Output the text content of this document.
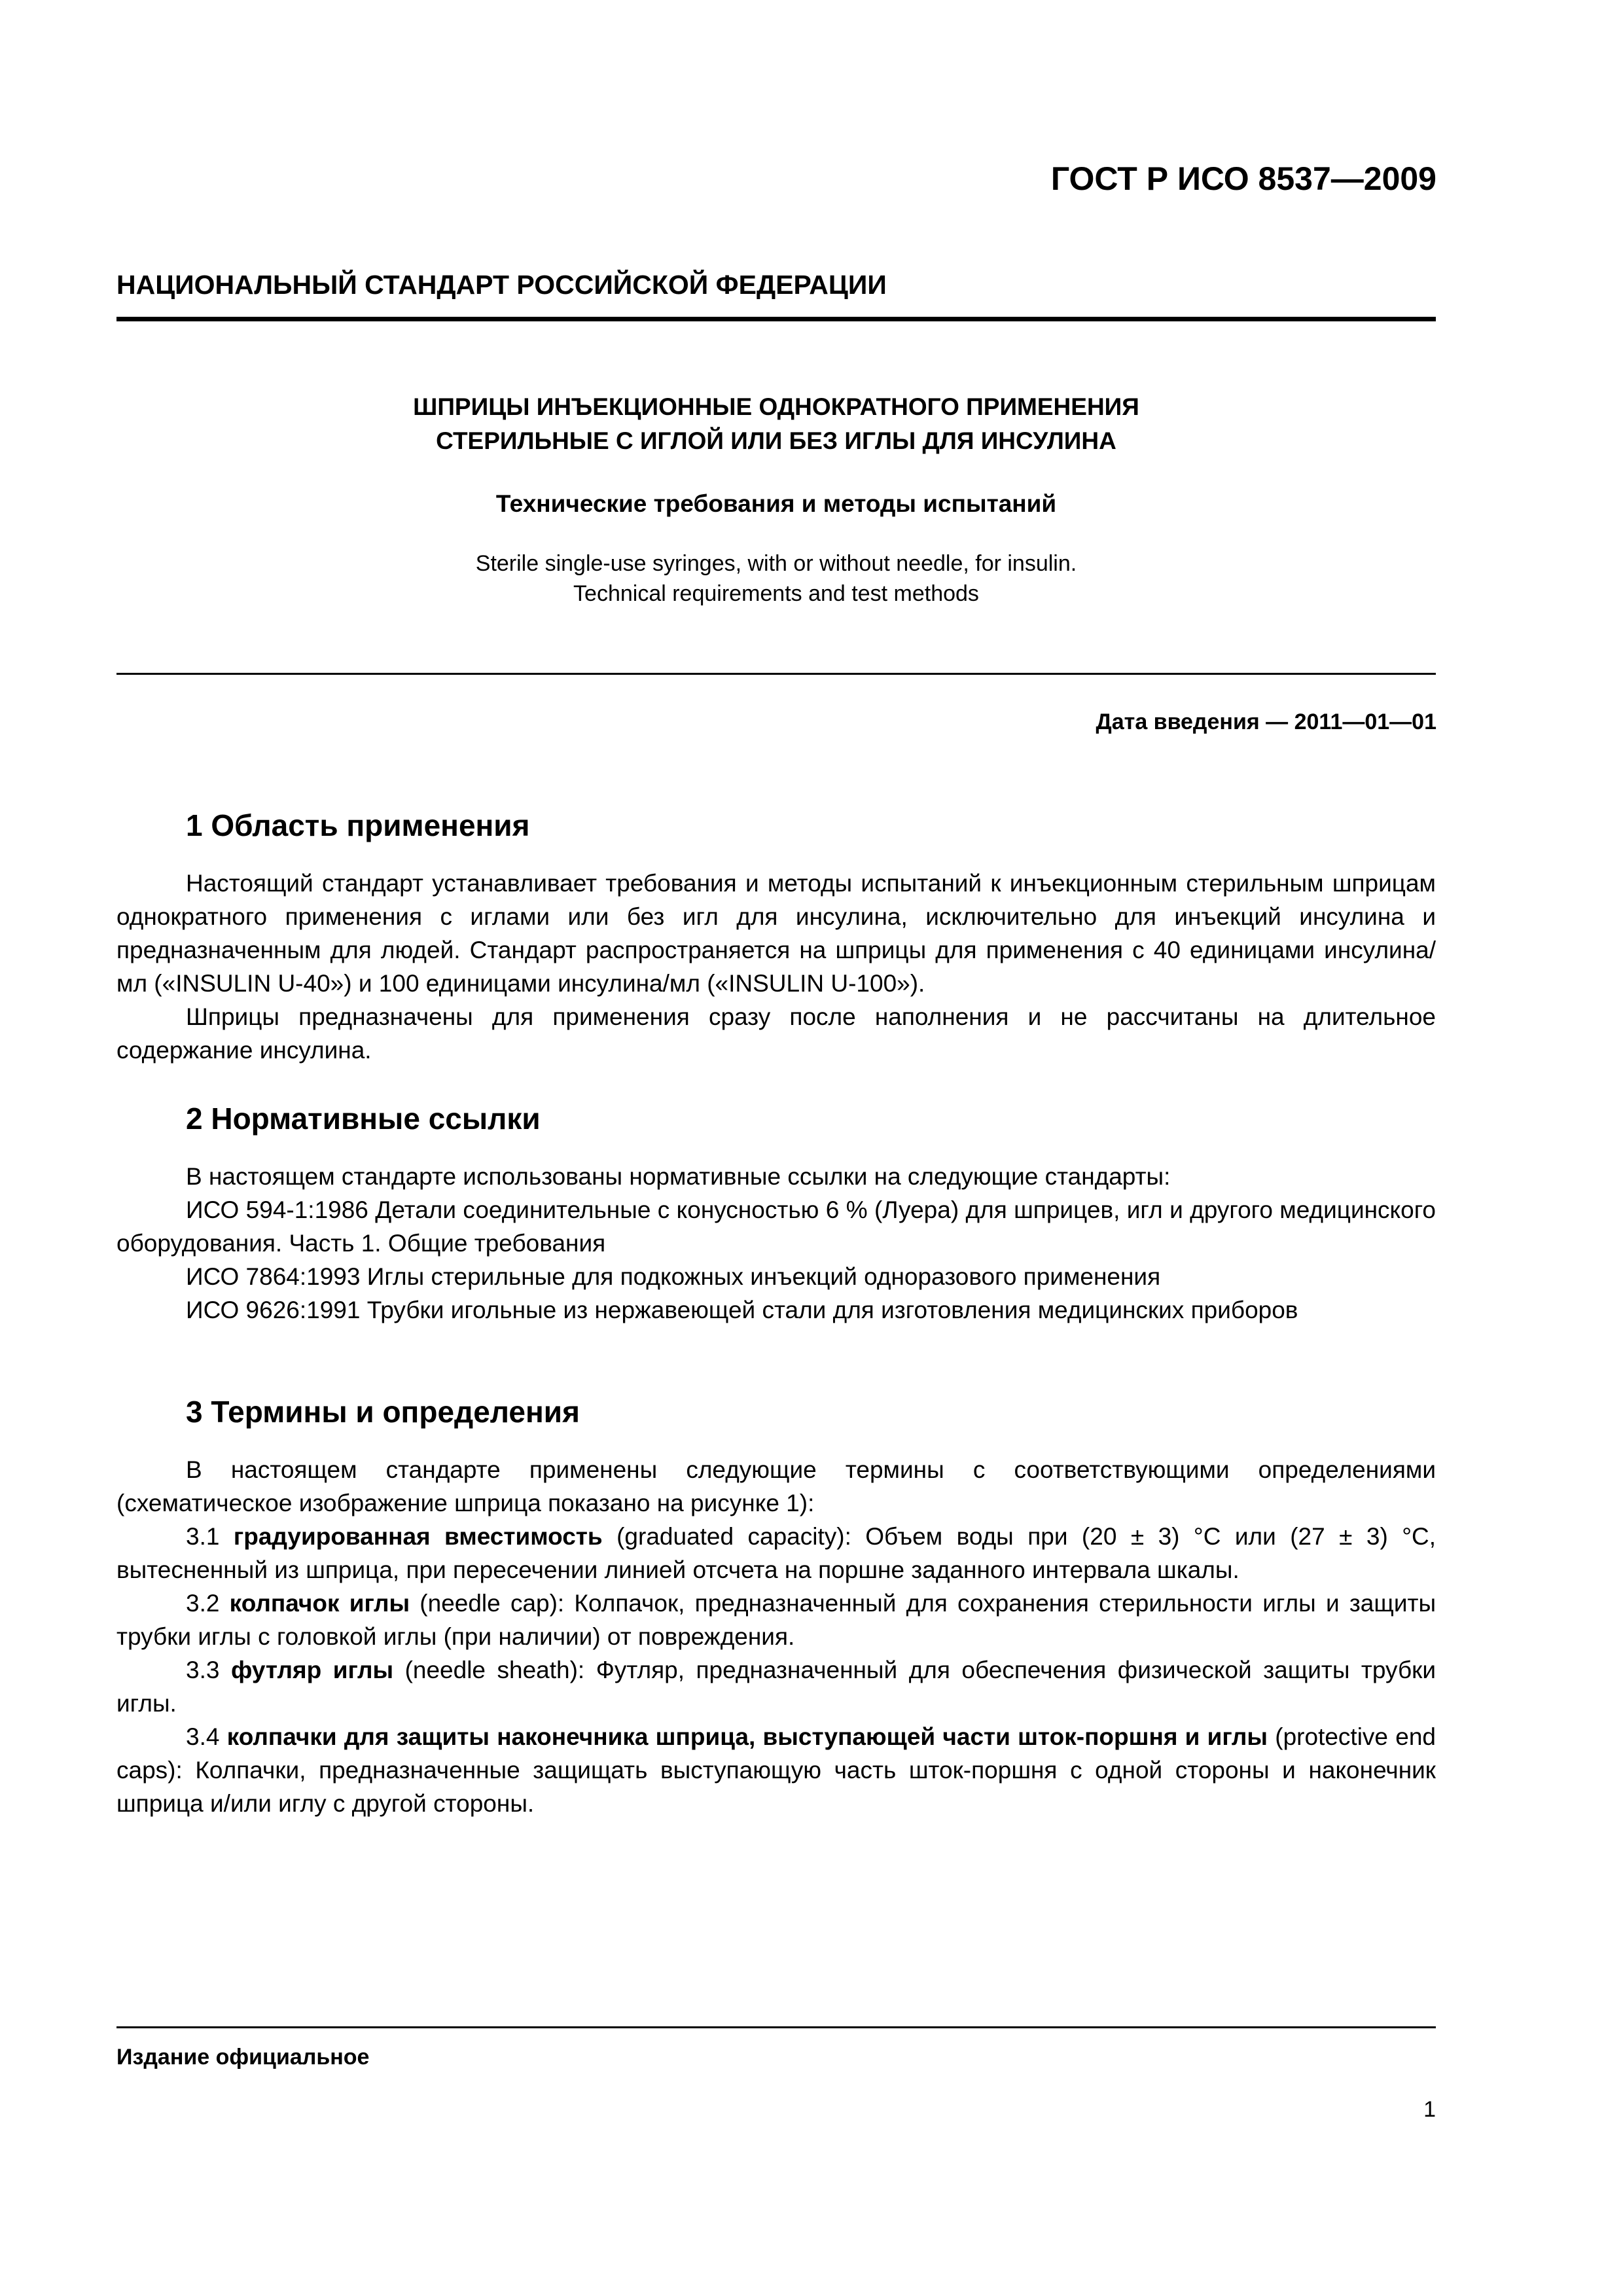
ГОСТ Р ИСО 8537—2009
НАЦИОНАЛЬНЫЙ СТАНДАРТ РОССИЙСКОЙ ФЕДЕРАЦИИ
ШПРИЦЫ ИНЪЕКЦИОННЫЕ ОДНОКРАТНОГО ПРИМЕНЕНИЯ
СТЕРИЛЬНЫЕ С ИГЛОЙ ИЛИ БЕЗ ИГЛЫ ДЛЯ ИНСУЛИНА
Технические требования и методы испытаний
Sterile single-use syringes, with or without needle, for insulin.
Technical requirements and test methods
Дата введения — 2011—01—01
1 Область применения

Настоящий стандарт устанавливает требования и методы испытаний к инъекционным стерильным шприцам однократного применения с иглами или без игл для инсулина, исключительно для инъекций инсулина и предназначенным для людей. Стандарт распространяется на шприцы для применения с 40 единицами инсулина/мл («INSULIN U-40») и 100 единицами инсулина/мл («INSULIN U-100»).

Шприцы предназначены для применения сразу после наполнения и не рассчитаны на длительное содержание инсулина.

2 Нормативные ссылки

В настоящем стандарте использованы нормативные ссылки на следующие стандарты:

ИСО 594-1:1986 Детали соединительные с конусностью 6 % (Луера) для шприцев, игл и другого медицинского оборудования. Часть 1. Общие требования

ИСО 7864:1993 Иглы стерильные для подкожных инъекций одноразового применения

ИСО 9626:1991 Трубки игольные из нержавеющей стали для изготовления медицинских приборов

3 Термины и определения

В настоящем стандарте применены следующие термины с соответствующими определениями (схематическое изображение шприца показано на рисунке 1):

3.1 градуированная вместимость (graduated capacity): Объем воды при (20 ± 3) °С или (27 ± 3) °С, вытесненный из шприца, при пересечении линией отсчета на поршне заданного интервала шкалы.

3.2 колпачок иглы (needle cap): Колпачок, предназначенный для сохранения стерильности иглы и защиты трубки иглы с головкой иглы (при наличии) от повреждения.

3.3 футляр иглы (needle sheath): Футляр, предназначенный для обеспечения физической защиты трубки иглы.

3.4 колпачки для защиты наконечника шприца, выступающей части шток-поршня и иглы (protective end caps): Колпачки, предназначенные защищать выступающую часть шток-поршня с одной стороны и наконечник шприца и/или иглу с другой стороны.

Издание официальное
1
